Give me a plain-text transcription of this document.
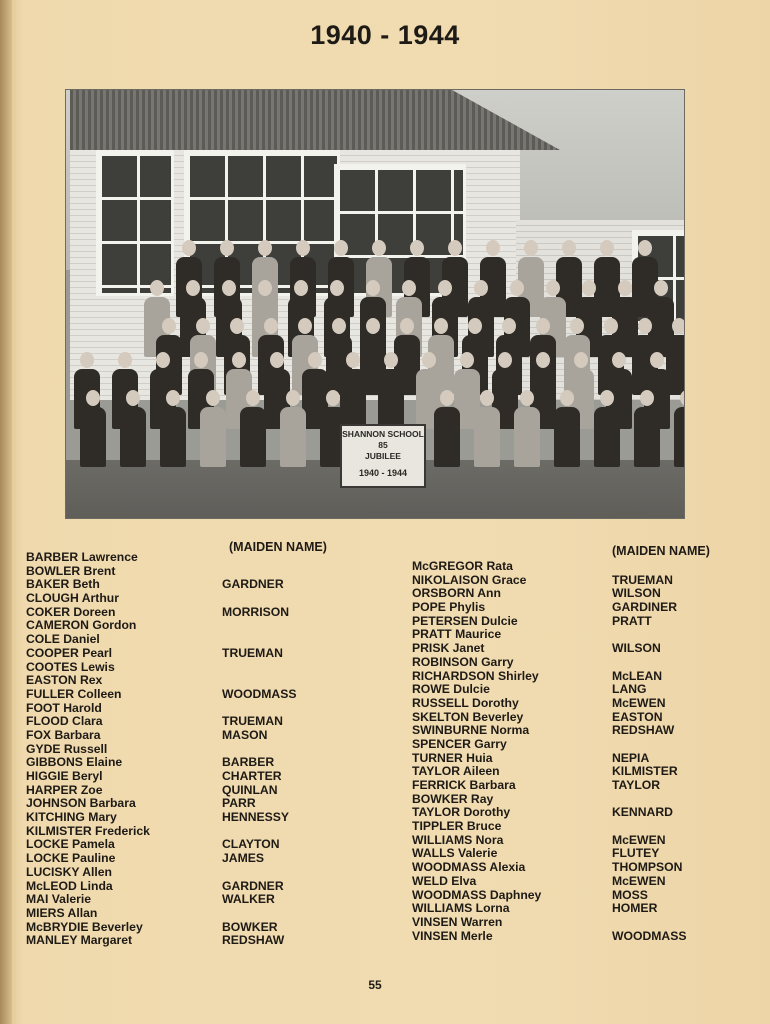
1940 - 1944
SHANNON SCHOOL
85
JUBILEE
1940 - 1944
(MAIDEN NAME)	(MAIDEN NAME)
BARBER Lawrence
BOWLER Brent
BAKER Beth
CLOUGH Arthur
COKER Doreen
CAMERON Gordon
COLE Daniel
COOPER Pearl
COOTES Lewis
EASTON Rex
FULLER Colleen
FOOT Harold
FLOOD Clara
FOX Barbara
GYDE Russell
GIBBONS Elaine
HIGGIE Beryl
HARPER Zoe
JOHNSON Barbara
KITCHING Mary
KILMISTER Frederick
LOCKE Pamela
LOCKE Pauline
LUCISKY Allen
McLEOD Linda
MAI Valerie
MIERS Allan
McBRYDIE Beverley
MANLEY Margaret
GARDNER
MORRISON
TRUEMAN
WOODMASS
TRUEMAN
MASON
BARBER
CHARTER
QUINLAN
PARR
HENNESSY
CLAYTON
JAMES
GARDNER
WALKER
BOWKER
REDSHAW
McGREGOR Rata
NIKOLAISON Grace
ORSBORN Ann
POPE Phylis
PETERSEN Dulcie
PRATT Maurice
PRISK Janet
ROBINSON Garry
RICHARDSON Shirley
ROWE Dulcie
RUSSELL Dorothy
SKELTON Beverley
SWINBURNE Norma
SPENCER Garry
TURNER Huia
TAYLOR Aileen
FERRICK Barbara
BOWKER Ray
TAYLOR Dorothy
TIPPLER Bruce
WILLIAMS Nora
WALLS Valerie
WOODMASS Alexia
WELD Elva
WOODMASS Daphney
WILLIAMS Lorna
VINSEN Warren
VINSEN Merle
TRUEMAN
WILSON
GARDINER
PRATT
WILSON
McLEAN
LANG
McEWEN
EASTON
REDSHAW
NEPIA
KILMISTER
TAYLOR
KENNARD
McEWEN
FLUTEY
THOMPSON
McEWEN
MOSS
HOMER
WOODMASS
55
